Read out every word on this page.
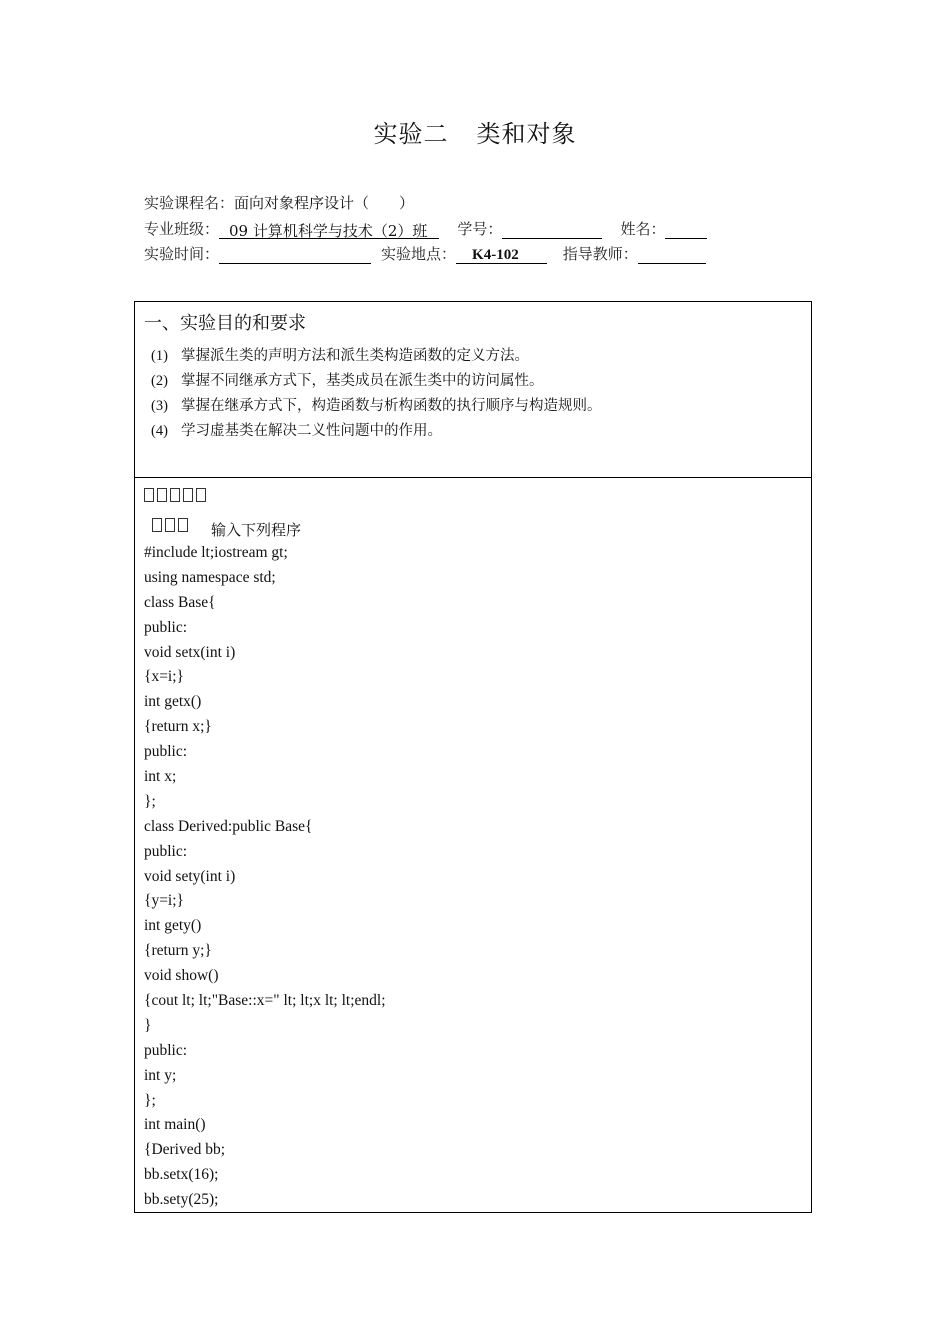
实验二 类和对象
实验课程名：面向对象程序设计（　　）
专业班级： 09 计算机科学与技术（2）班 学号：	姓名：
实验时间：	实验地点： K4-102	指导教师：
一、实验目的和要求
(1) 掌握派生类的声明方法和派生类构造函数的定义方法。
(2) 掌握不同继承方式下，基类成员在派生类中的访问属性。
(3) 掌握在继承方式下，构造函数与析构函数的执行顺序与构造规则。
(4) 学习虚基类在解决二义性问题中的作用。
输入下列程序
#include lt;iostream gt;
using namespace std;
class Base{
public:
void setx(int i)
{x=i;}
int getx()
{return x;}
public:
int x;
};
class Derived:public Base{
public:
void sety(int i)
{y=i;}
int gety()
{return y;}
void show()
{cout lt; lt;"Base::x=" lt; lt;x lt; lt;endl;
}
public:
int y;
};
int main()
{Derived bb;
bb.setx(16);
bb.sety(25);
